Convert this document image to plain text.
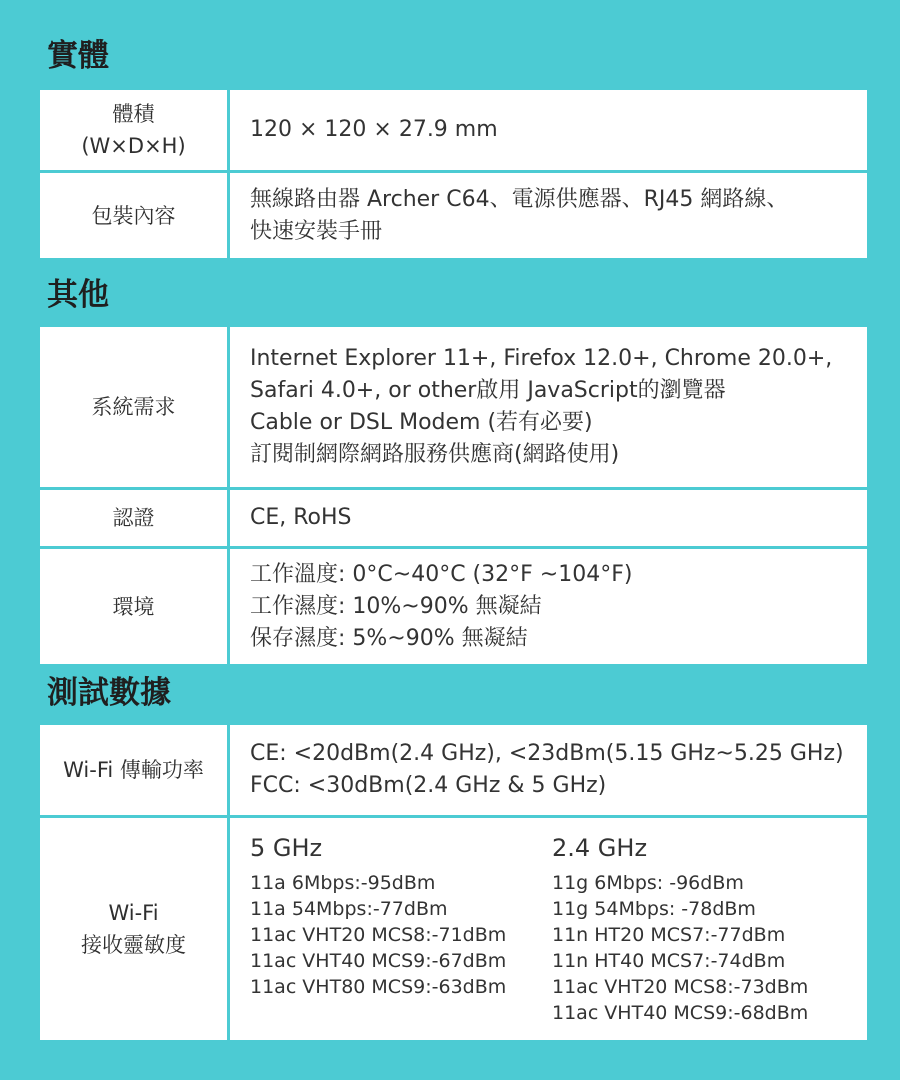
實體
體積
(W×D×H)
120 × 120 × 27.9 mm
包裝內容
無線路由器 Archer C64、電源供應器、RJ45 網路線、
快速安裝手冊
其他
系統需求
Internet Explorer 11+, Firefox 12.0+, Chrome 20.0+,
Safari 4.0+, or other啟用 JavaScript的瀏覽器
Cable or DSL Modem (若有必要)
訂閱制網際網路服務供應商(網路使用)
認證	CE, RoHS
環境
工作溫度: 0°C~40°C (32°F ~104°F)
工作濕度: 10%~90% 無凝結
保存濕度: 5%~90% 無凝結
測試數據
Wi-Fi 傳輸功率
CE: <20dBm(2.4 GHz), <23dBm(5.15 GHz~5.25 GHz)
FCC: <30dBm(2.4 GHz & 5 GHz)
Wi-Fi
接收靈敏度
5 GHz
11a 6Mbps:-95dBm
11a 54Mbps:-77dBm
11ac VHT20 MCS8:-71dBm
11ac VHT40 MCS9:-67dBm
11ac VHT80 MCS9:-63dBm
2.4 GHz
11g 6Mbps: -96dBm
11g 54Mbps: -78dBm
11n HT20 MCS7:-77dBm
11n HT40 MCS7:-74dBm
11ac VHT20 MCS8:-73dBm
11ac VHT40 MCS9:-68dBm
